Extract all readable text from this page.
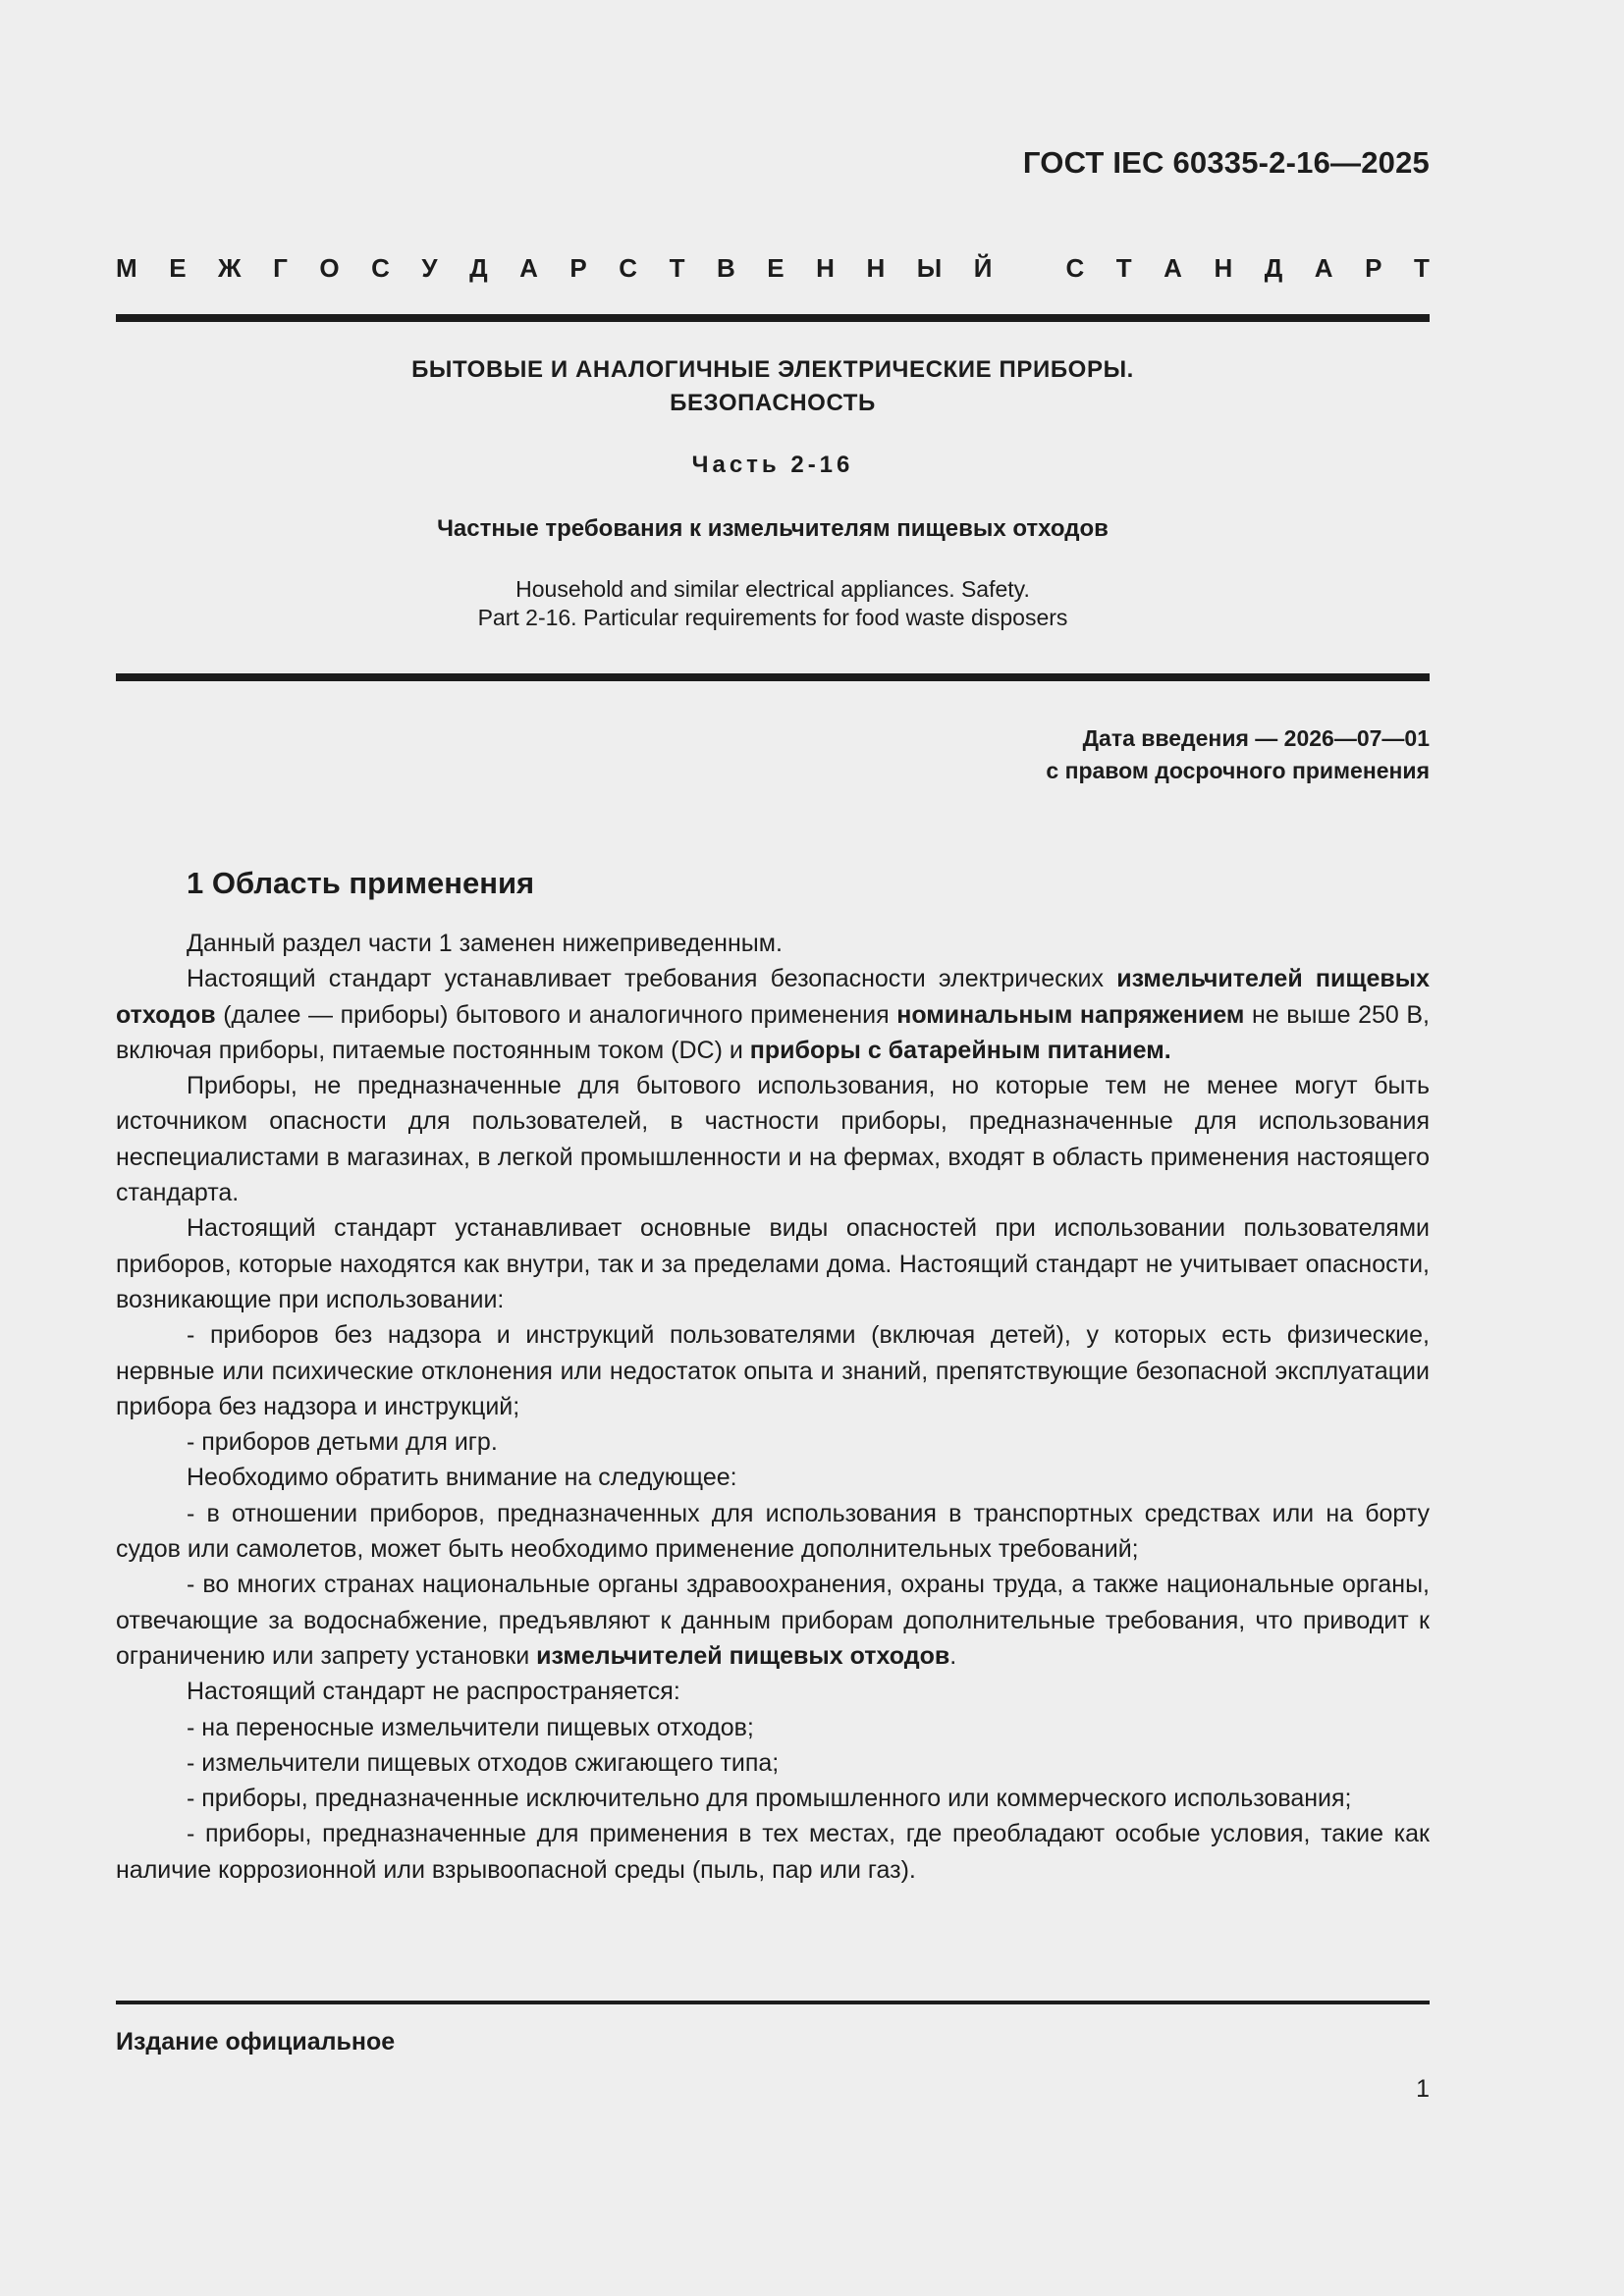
ГОСТ IEC 60335-2-16—2025
М Е Ж Г О С У Д А Р С Т В Е Н Н Ы Й	С Т А Н Д А Р Т
БЫТОВЫЕ И АНАЛОГИЧНЫЕ ЭЛЕКТРИЧЕСКИЕ ПРИБОРЫ.
БЕЗОПАСНОСТЬ
Часть 2-16
Частные требования к измельчителям пищевых отходов
Household and similar electrical appliances. Safety.
Part 2-16. Particular requirements for food waste disposers
Дата введения — 2026—07—01
с правом досрочного применения
1 Область применения

Данный раздел части 1 заменен нижеприведенным.

Настоящий стандарт устанавливает требования безопасности электрических измельчителей пищевых отходов (далее — приборы) бытового и аналогичного применения номинальным напряжением не выше 250 В, включая приборы, питаемые постоянным током (DC) и приборы с батарейным питанием.

Приборы, не предназначенные для бытового использования, но которые тем не менее могут быть источником опасности для пользователей, в частности приборы, предназначенные для использования неспециалистами в магазинах, в легкой промышленности и на фермах, входят в область применения настоящего стандарта.

Настоящий стандарт устанавливает основные виды опасностей при использовании пользователями приборов, которые находятся как внутри, так и за пределами дома. Настоящий стандарт не учитывает опасности, возникающие при использовании:

- приборов без надзора и инструкций пользователями (включая детей), у которых есть физические, нервные или психические отклонения или недостаток опыта и знаний, препятствующие безопасной эксплуатации прибора без надзора и инструкций;

- приборов детьми для игр.

Необходимо обратить внимание на следующее:

- в отношении приборов, предназначенных для использования в транспортных средствах или на борту судов или самолетов, может быть необходимо применение дополнительных требований;

- во многих странах национальные органы здравоохранения, охраны труда, а также национальные органы, отвечающие за водоснабжение, предъявляют к данным приборам дополнительные требования, что приводит к ограничению или запрету установки измельчителей пищевых отходов.

Настоящий стандарт не распространяется:

- на переносные измельчители пищевых отходов;

- измельчители пищевых отходов сжигающего типа;

- приборы, предназначенные исключительно для промышленного или коммерческого использования;

- приборы, предназначенные для применения в тех местах, где преобладают особые условия, такие как наличие коррозионной или взрывоопасной среды (пыль, пар или газ).

Издание официальное
1
